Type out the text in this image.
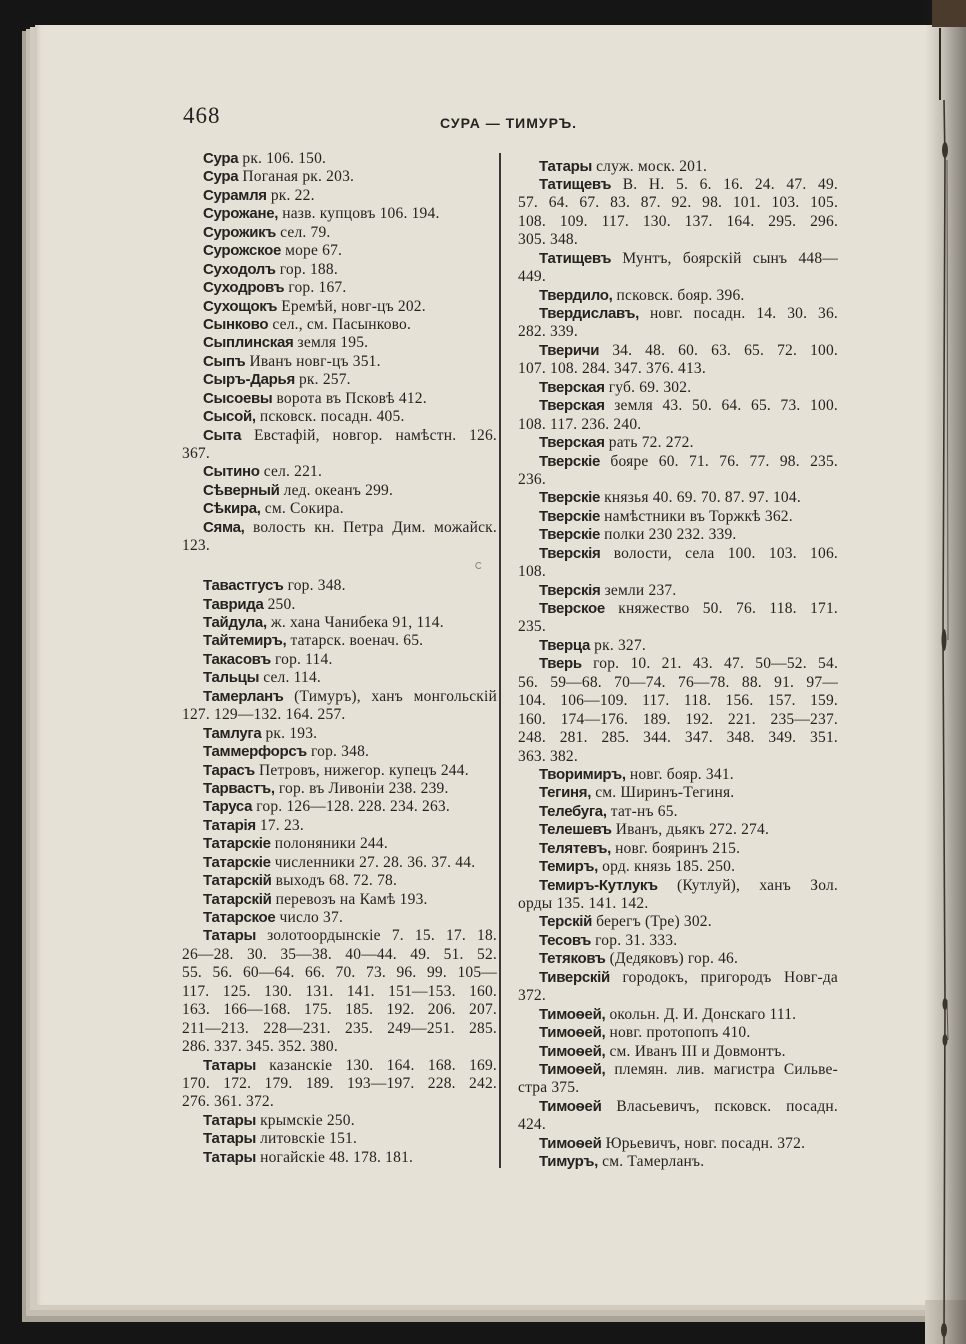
468	СУРА — ТИМУРЪ.
Сура рк. 106. 150.
Сура Поганая рк. 203.
Сурамля рк. 22.
Сурожане, назв. купцовъ 106. 194.
Сурожикъ сел. 79.
Сурожское море 67.
Суходолъ гор. 188.
Суходровъ гор. 167.
Сухощокъ Еремѣй, новг-цъ 202.
Сынково сел., см. Пасынково.
Сыплинская земля 195.
Сыпъ Иванъ новг-цъ 351.
Сыръ-Дарья рк. 257.
Сысоевы ворота въ Псковѣ 412.
Сысой, псковск. посадн. 405.
Сыта Евстафій, новгор. намѣстн. 126.
367.
Сытино сел. 221.
Сѣверный лед. океанъ 299.
Сѣкира, см. Сокира.
Сяма, волость кн. Петра Дим. можайск.
123.
Тавастгусъ гор. 348.
Таврида 250.
Тайдула, ж. хана Чанибека 91, 114.
Тайтемиръ, татарск. военач. 65.
Такасовъ гор. 114.
Тальцы сел. 114.
Тамерланъ (Тимуръ), ханъ монгольскій
127. 129—132. 164. 257.
Тамлуга рк. 193.
Таммерфорсъ гор. 348.
Тарасъ Петровъ, нижегор. купецъ 244.
Тарвастъ, гор. въ Ливоніи 238. 239.
Таруса гор. 126—128. 228. 234. 263.
Татарія 17. 23.
Татарскіе полоняники 244.
Татарскіе численники 27. 28. 36. 37. 44.
Татарскій выходъ 68. 72. 78.
Татарскій перевозъ на Камѣ 193.
Татарское число 37.
Татары золотоордынскіе 7. 15. 17. 18.
26—28. 30. 35—38. 40—44. 49. 51. 52.
55. 56. 60—64. 66. 70. 73. 96. 99. 105—
117. 125. 130. 131. 141. 151—153. 160.
163. 166—168. 175. 185. 192. 206. 207.
211—213. 228—231. 235. 249—251. 285.
286. 337. 345. 352. 380.
Татары казанскіе 130. 164. 168. 169.
170. 172. 179. 189. 193—197. 228. 242.
276. 361. 372.
Татары крымскіе 250.
Татары литовскіе 151.
Татары ногайскіе 48. 178. 181.
Татары служ. моск. 201.
Татищевъ В. Н. 5. 6. 16. 24. 47. 49.
57. 64. 67. 83. 87. 92. 98. 101. 103. 105.
108. 109. 117. 130. 137. 164. 295. 296.
305. 348.
Татищевъ Мунтъ, боярскій сынъ 448—
449.
Твердило, псковск. бояр. 396.
Твердиславъ, новг. посадн. 14. 30. 36.
282. 339.
Тверичи 34. 48. 60. 63. 65. 72. 100.
107. 108. 284. 347. 376. 413.
Тверская губ. 69. 302.
Тверская земля 43. 50. 64. 65. 73. 100.
108. 117. 236. 240.
Тверская рать 72. 272.
Тверскіе бояре 60. 71. 76. 77. 98. 235.
236.
Тверскіе князья 40. 69. 70. 87. 97. 104.
Тверскіе намѣстники въ Торжкѣ 362.
Тверскіе полки 230 232. 339.
Тверскія волости, села 100. 103. 106.
108.
Тверскія земли 237.
Тверское княжество 50. 76. 118. 171.
235.
Тверца рк. 327.
Тверь гор. 10. 21. 43. 47. 50—52. 54.
56. 59—68. 70—74. 76—78. 88. 91. 97—
104. 106—109. 117. 118. 156. 157. 159.
160. 174—176. 189. 192. 221. 235—237.
248. 281. 285. 344. 347. 348. 349. 351.
363. 382.
Творимиръ, новг. бояр. 341.
Тегиня, см. Ширинъ-Тегиня.
Телебуга, тат-нъ 65.
Телешевъ Иванъ, дьякъ 272. 274.
Телятевъ, новг. бояринъ 215.
Темиръ, орд. князь 185. 250.
Темиръ-Кутлукъ (Кутлуй), ханъ Зол.
орды 135. 141. 142.
Терскій берегъ (Тре) 302.
Тесовъ гор. 31. 333.
Тетяковъ (Дедяковъ) гор. 46.
Тиверскій городокъ, пригородъ Новг-да
372.
Тимоѳей, окольн. Д. И. Донскаго 111.
Тимоѳей, новг. протопопъ 410.
Тимоѳей, см. Иванъ III и Довмонтъ.
Тимоѳей, племян. лив. магистра Сильве-
стра 375.
Тимоѳей Власьевичъ, псковск. посадн.
424.
Тимоѳей Юрьевичъ, новг. посадн. 372.
Тимуръ, см. Тамерланъ.
